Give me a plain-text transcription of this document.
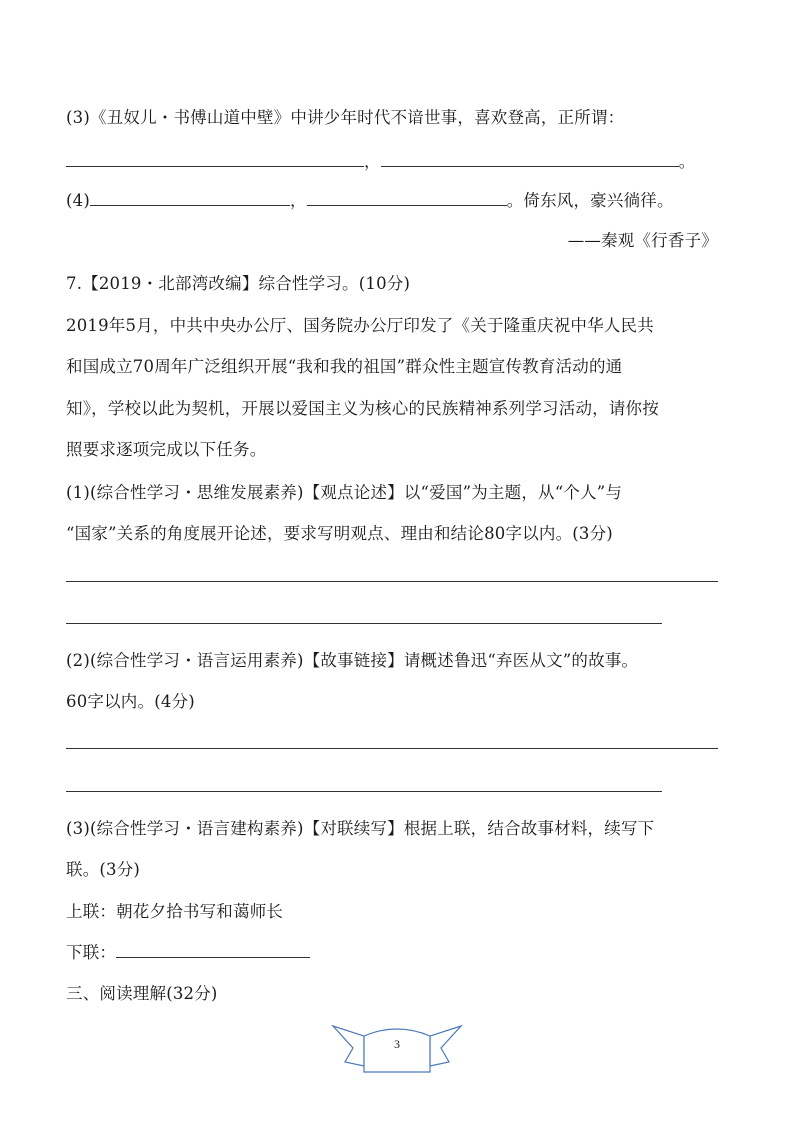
(3)《丑奴儿・书傅山道中壁》中讲少年时代不谙世事，喜欢登高，正所谓：
，	。
(4)	，	。倚东风，豪兴徜徉。
——秦观《行香子》
7.【2019・北部湾改编】综合性学习。(10分)
2019年5月，中共中央办公厅、国务院办公厅印发了《关于隆重庆祝中华人民共
和国成立70周年广泛组织开展“我和我的祖国”群众性主题宣传教育活动的通
知》，学校以此为契机，开展以爱国主义为核心的民族精神系列学习活动，请你按
照要求逐项完成以下任务。
(1)(综合性学习・思维发展素养)【观点论述】以“爱国”为主题，从“个人”与
“国家”关系的角度展开论述，要求写明观点、理由和结论80字以内。(3分)
(2)(综合性学习・语言运用素养)【故事链接】请概述鲁迅“弃医从文”的故事。
60字以内。(4分)
(3)(综合性学习・语言建构素养)【对联续写】根据上联，结合故事材料，续写下
联。(3分)
上联：朝花夕拾书写和蔼师长
下联：
三、阅读理解(32分)
3
